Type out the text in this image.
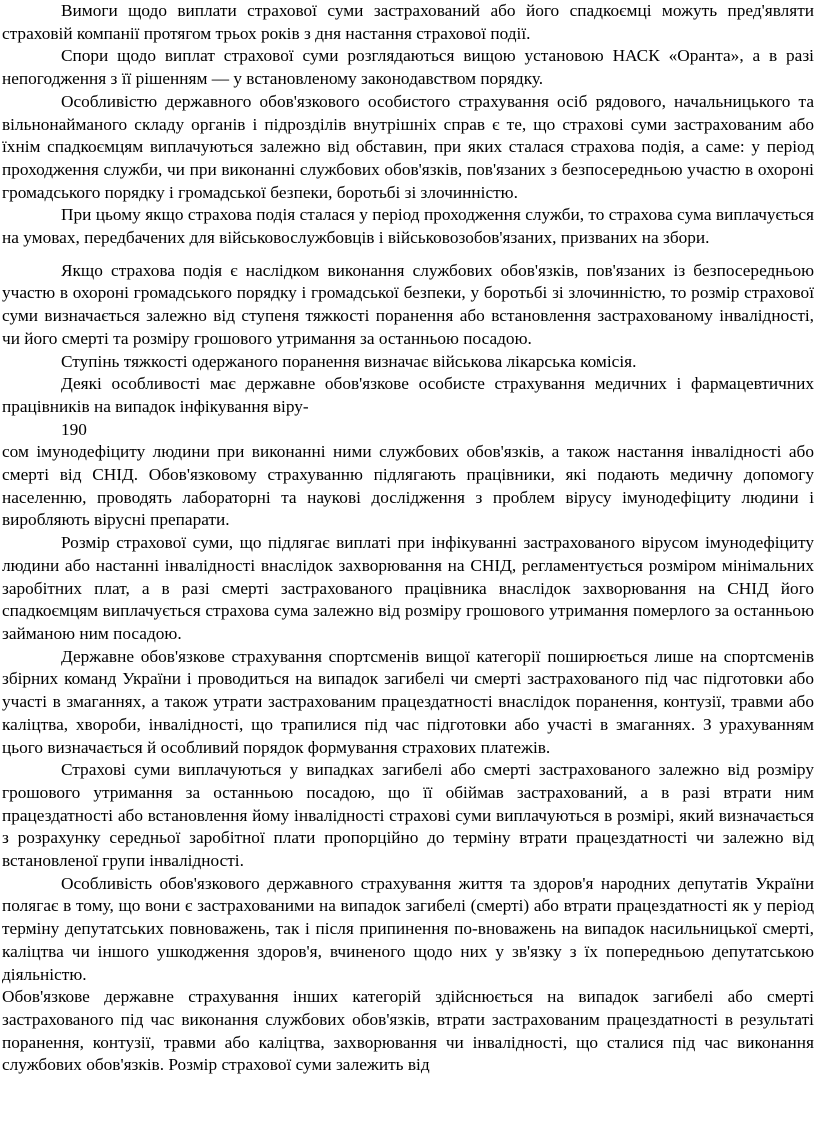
Вимоги щодо виплати страхової суми застрахований або його спадкоємці можуть пред'являти страховій компанії протягом трьох років з дня настання страхової події.

Спори щодо виплат страхової суми розглядаються вищою установою НАСК «Оранта», а в разі непогодження з її рішенням — у встановленому законодавством порядку.

Особливістю державного обов'язкового особистого страхування осіб рядового, начальницького та вільнонайманого складу органів і підрозділів внутрішніх справ є те, що страхові суми застрахованим або їхнім спадкоємцям виплачуються залежно від обставин, при яких сталася страхова подія, а саме: у період проходження служби, чи при виконанні службових обов'язків, пов'язаних з безпосередньою участю в охороні громадського порядку і громадської безпеки, боротьбі зі злочинністю.

При цьому якщо страхова подія сталася у період проходження служби, то страхова сума виплачується на умовах, передбачених для військовослужбовців і військовозобов'язаних, призваних на збори.

Якщо страхова подія є наслідком виконання службових обов'язків, пов'язаних із безпосередньою участю в охороні громадського порядку і громадської безпеки, у боротьбі зі злочинністю, то розмір страхової суми визначається залежно від ступеня тяжкості поранення або встановлення застрахованому інвалідності, чи його смерті та розміру грошового утримання за останньою посадою.

Ступінь тяжкості одержаного поранення визначає військова лікарська комісія.

Деякі особливості має державне обов'язкове особисте страхування медичних і фармацевтичних працівників на випадок інфікування віру-

190

сом імунодефіциту людини при виконанні ними службових обов'язків, а також настання інвалідності або смерті від СНІД. Обов'язковому страхуванню підлягають працівники, які подають медичну допомогу населенню, проводять лабораторні та наукові дослідження з проблем вірусу імунодефіциту людини і виробляють вірусні препарати.

Розмір страхової суми, що підлягає виплаті при інфікуванні застрахованого вірусом імунодефіциту людини або настанні інвалідності внаслідок захворювання на СНІД, регламентується розміром мінімальних заробітних плат, а в разі смерті застрахованого працівника внаслідок захворювання на СНІД його спадкоємцям виплачується страхова сума залежно від розміру грошового утримання померлого за останньою займаною ним посадою.

Державне обов'язкове страхування спортсменів вищої категорії поширюється лише на спортсменів збірних команд України і проводиться на випадок загибелі чи смерті застрахованого під час підготовки або участі в змаганнях, а також утрати застрахованим працездатності внаслідок поранення, контузії, травми або каліцтва, хвороби, інвалідності, що трапилися під час підготовки або участі в змаганнях. З урахуванням цього визначається й особливий порядок формування страхових платежів.

Страхові суми виплачуються у випадках загибелі або смерті застрахованого залежно від розміру грошового утримання за останньою посадою, що її обіймав застрахований, а в разі втрати ним працездатності або встановлення йому інвалідності страхові суми виплачуються в розмірі, який визначається з розрахунку середньої заробітної плати пропорційно до терміну втрати працездатності чи залежно від встановленої групи інвалідності.

Особливість обов'язкового державного страхування життя та здоров'я народних депутатів України полягає в тому, що вони є застрахованими на випадок загибелі (смерті) або втрати працездатності як у період терміну депутатських повноважень, так і після припинення по-вноважень на випадок насильницької смерті, каліцтва чи іншого ушкодження здоров'я, вчиненого щодо них у зв'язку з їх попередньою депутатською діяльністю.

Обов'язкове державне страхування інших категорій здійснюється на випадок загибелі або смерті застрахованого під час виконання службових обов'язків, втрати застрахованим працездатності в результаті поранення, контузії, травми або каліцтва, захворювання чи інвалідності, що сталися під час виконання службових обов'язків. Розмір страхової суми залежить від
